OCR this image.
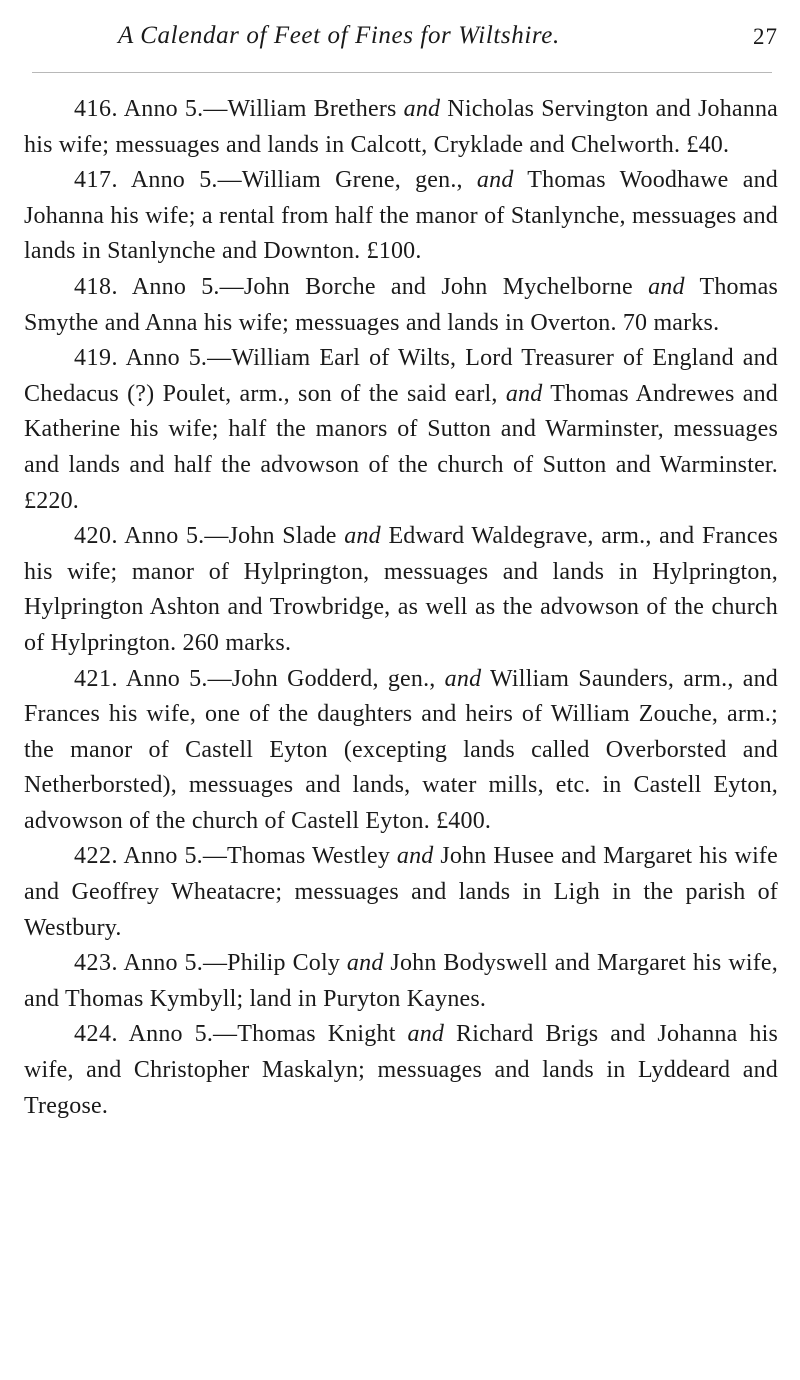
A Calendar of Feet of Fines for Wiltshire.	27

416. Anno 5.—William Brethers and Nicholas Servington and Johanna his wife; messuages and lands in Calcott, Cryklade and Chelworth. £40.

417. Anno 5.—William Grene, gen., and Thomas Woodhawe and Johanna his wife; a rental from half the manor of Stanlynche, messuages and lands in Stanlynche and Downton. £100.

418. Anno 5.—John Borche and John Mychelborne and Thomas Smythe and Anna his wife; messuages and lands in Overton. 70 marks.

419. Anno 5.—William Earl of Wilts, Lord Treasurer of England and Chedacus (?) Poulet, arm., son of the said earl, and Thomas Andrewes and Katherine his wife; half the manors of Sutton and Warminster, messuages and lands and half the advowson of the church of Sutton and Warminster. £220.

420. Anno 5.—John Slade and Edward Waldegrave, arm., and Frances his wife; manor of Hylprington, messuages and lands in Hylprington, Hylprington Ashton and Trowbridge, as well as the advowson of the church of Hylprington. 260 marks.

421. Anno 5.—John Godderd, gen., and William Saunders, arm., and Frances his wife, one of the daughters and heirs of William Zouche, arm.; the manor of Castell Eyton (excepting lands called Overborsted and Netherborsted), messuages and lands, water mills, etc. in Castell Eyton, advowson of the church of Castell Eyton. £400.

422. Anno 5.—Thomas Westley and John Husee and Margaret his wife and Geoffrey Wheatacre; messuages and lands in Ligh in the parish of Westbury.

423. Anno 5.—Philip Coly and John Bodyswell and Margaret his wife, and Thomas Kymbyll; land in Puryton Kaynes.

424. Anno 5.—Thomas Knight and Richard Brigs and Johanna his wife, and Christopher Maskalyn; messuages and lands in Lyddeard and Tregose.
